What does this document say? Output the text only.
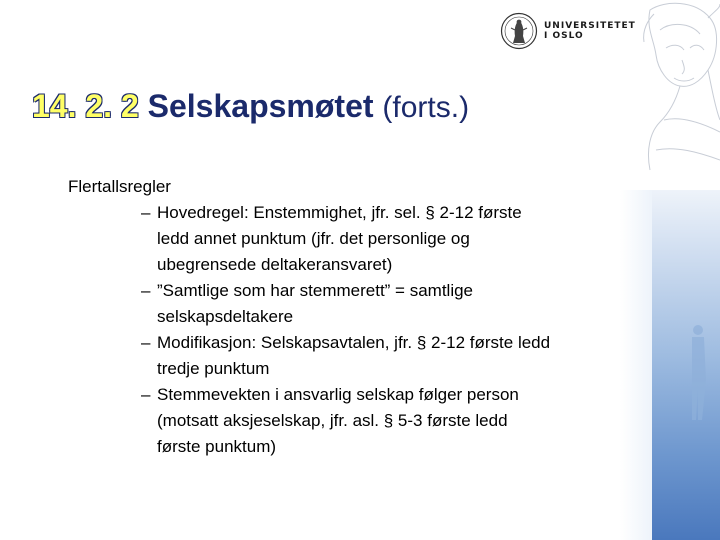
UNIVERSITETET
I OSLO
14. 2. 2 Selskapsmøtet (forts.)

Flertallsregler

– Hovedregel: Enstemmighet, jfr. sel. § 2-12 første
ledd annet punktum (jfr. det personlige og
ubegrensede deltakeransvaret)
– ”Samtlige som har stemmerett” = samtlige
selskapsdeltakere
– Modifikasjon: Selskapsavtalen, jfr. § 2-12 første ledd
tredje punktum
– Stemmevekten i ansvarlig selskap følger person
(motsatt aksjeselskap, jfr. asl. § 5-3 første ledd
første punktum)
